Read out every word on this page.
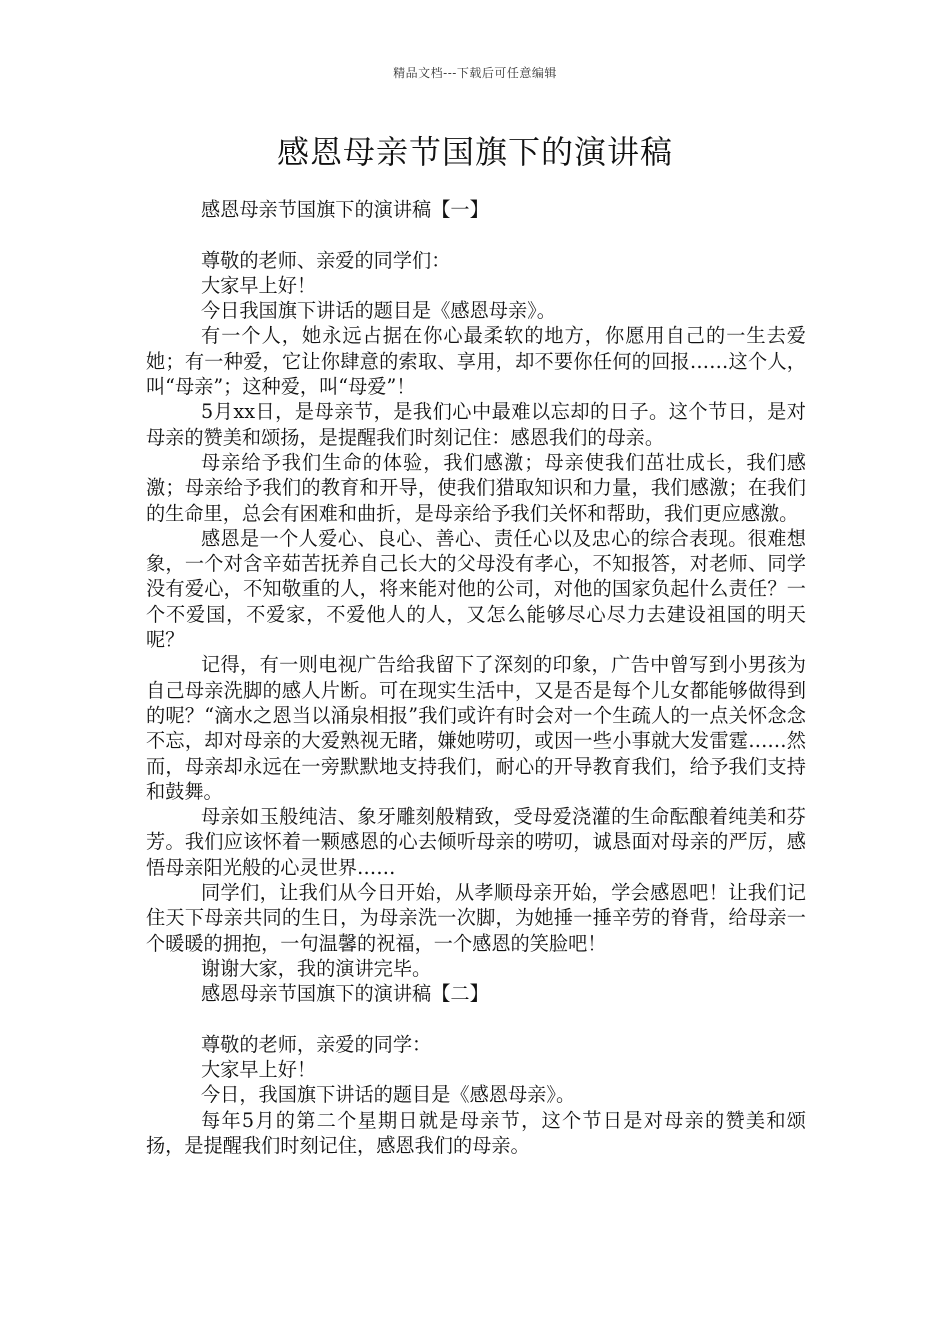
精品文档---下载后可任意编辑
感恩母亲节国旗下的演讲稿

感恩母亲节国旗下的演讲稿【一】

尊敬的老师、亲爱的同学们：

大家早上好！

今日我国旗下讲话的题目是《感恩母亲》。

有一个人，她永远占据在你心最柔软的地方，你愿用自己的一生去爱她；有一种爱，它让你肆意的索取、享用，却不要你任何的回报……这个人，叫“母亲”；这种爱，叫“母爱”！

5月xx日，是母亲节，是我们心中最难以忘却的日子。这个节日，是对母亲的赞美和颂扬，是提醒我们时刻记住：感恩我们的母亲。

母亲给予我们生命的体验，我们感激；母亲使我们茁壮成长，我们感激；母亲给予我们的教育和开导，使我们猎取知识和力量，我们感激；在我们的生命里，总会有困难和曲折，是母亲给予我们关怀和帮助，我们更应感激。

感恩是一个人爱心、良心、善心、责任心以及忠心的综合表现。很难想象，一个对含辛茹苦抚养自己长大的父母没有孝心，不知报答，对老师、同学没有爱心，不知敬重的人，将来能对他的公司，对他的国家负起什么责任？一个不爱国，不爱家，不爱他人的人，又怎么能够尽心尽力去建设祖国的明天呢？

记得，有一则电视广告给我留下了深刻的印象，广告中曾写到小男孩为自己母亲洗脚的感人片断。可在现实生活中，又是否是每个儿女都能够做得到的呢？“滴水之恩当以涌泉相报”我们或许有时会对一个生疏人的一点关怀念念不忘，却对母亲的大爱熟视无睹，嫌她唠叨，或因一些小事就大发雷霆……然而，母亲却永远在一旁默默地支持我们，耐心的开导教育我们，给予我们支持和鼓舞。

母亲如玉般纯洁、象牙雕刻般精致，受母爱浇灌的生命酝酿着纯美和芬芳。我们应该怀着一颗感恩的心去倾听母亲的唠叨，诚恳面对母亲的严厉，感悟母亲阳光般的心灵世界……

同学们，让我们从今日开始，从孝顺母亲开始，学会感恩吧！让我们记住天下母亲共同的生日，为母亲洗一次脚，为她捶一捶辛劳的脊背，给母亲一个暖暖的拥抱，一句温馨的祝福，一个感恩的笑脸吧！

谢谢大家，我的演讲完毕。

感恩母亲节国旗下的演讲稿【二】

尊敬的老师，亲爱的同学：

大家早上好！

今日，我国旗下讲话的题目是《感恩母亲》。

每年5月的第二个星期日就是母亲节，这个节日是对母亲的赞美和颂扬，是提醒我们时刻记住，感恩我们的母亲。
